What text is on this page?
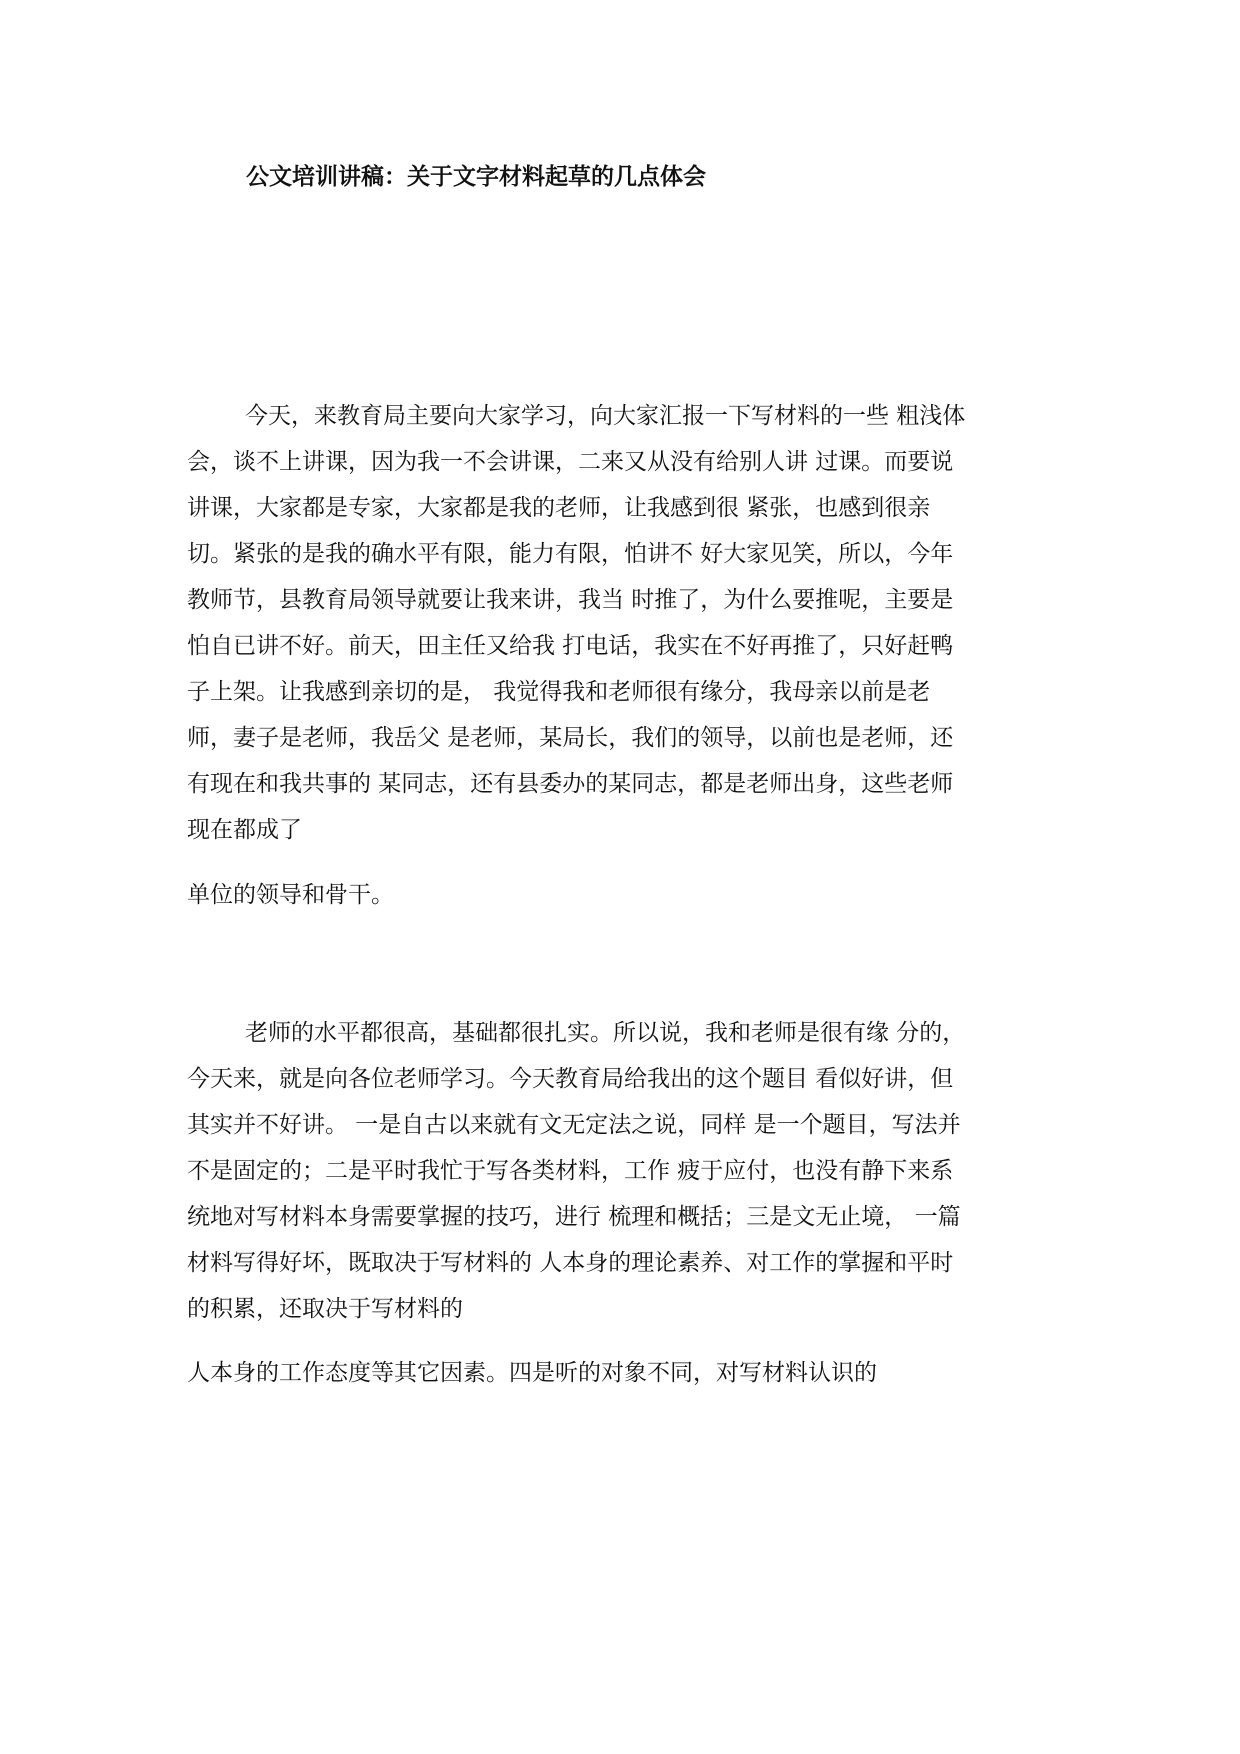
公文培训讲稿：关于文字材料起草的几点体会
今天，来教育局主要向大家学习，向大家汇报一下写材料的一些 粗浅体
会，谈不上讲课，因为我一不会讲课，二来又从没有给别人讲 过课。而要说
讲课，大家都是专家，大家都是我的老师，让我感到很 紧张，也感到很亲
切。紧张的是我的确水平有限，能力有限，怕讲不 好大家见笑，所以，今年
教师节，县教育局领导就要让我来讲，我当 时推了，为什么要推呢，主要是
怕自已讲不好。前天，田主任又给我 打电话，我实在不好再推了，只好赶鸭
子上架。让我感到亲切的是， 我觉得我和老师很有缘分，我母亲以前是老
师，妻子是老师，我岳父 是老师，某局长，我们的领导，以前也是老师，还
有现在和我共事的 某同志，还有县委办的某同志，都是老师出身，这些老师
现在都成了
单位的领导和骨干。
老师的水平都很高，基础都很扎实。所以说，我和老师是很有缘 分的，
今天来，就是向各位老师学习。今天教育局给我出的这个题目 看似好讲，但
其实并不好讲。 一是自古以来就有文无定法之说，同样 是一个题目，写法并
不是固定的；二是平时我忙于写各类材料，工作 疲于应付，也没有静下来系
统地对写材料本身需要掌握的技巧，进行 梳理和概括；三是文无止境， 一篇
材料写得好坏，既取决于写材料的 人本身的理论素养、对工作的掌握和平时
的积累，还取决于写材料的
人本身的工作态度等其它因素。四是听的对象不同，对写材料认识的
